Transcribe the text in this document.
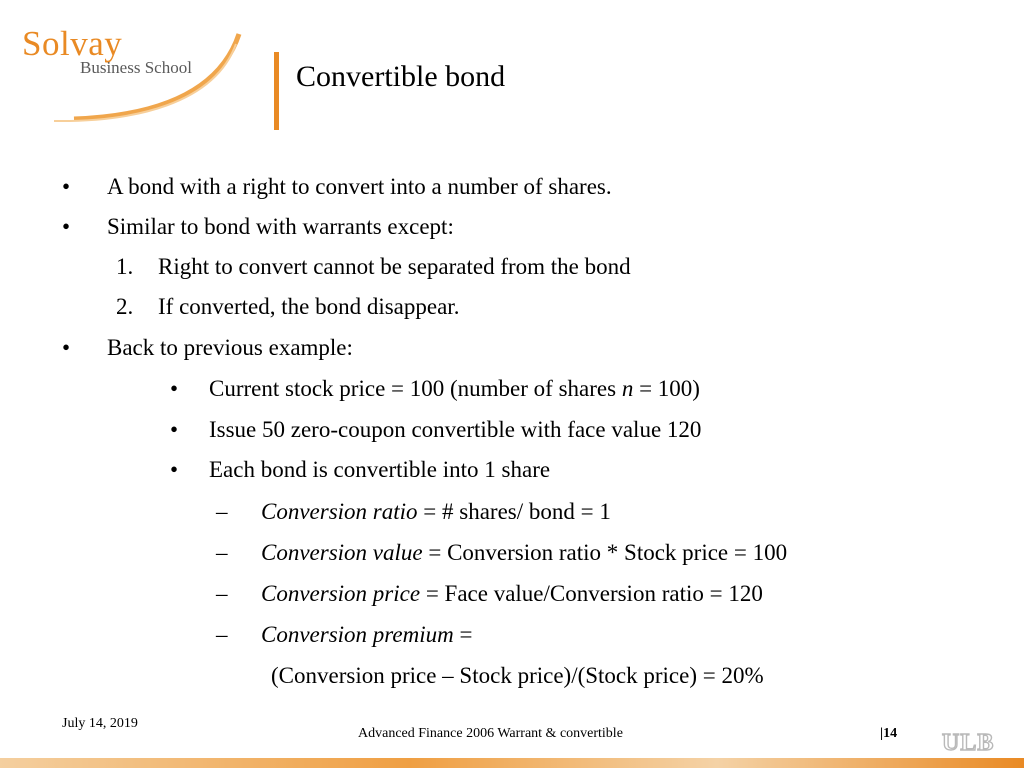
Solvay
Business School	Convertible bond
• A bond with a right to convert into a number of shares.
• Similar to bond with warrants except:
1. Right to convert cannot be separated from the bond
2. If converted, the bond disappear.
• Back to previous example:
• Current stock price = 100 (number of shares n = 100)
• Issue 50 zero-coupon convertible with face value 120
• Each bond is convertible into 1 share
– Conversion ratio = # shares/ bond = 1
– Conversion value = Conversion ratio * Stock price = 100
– Conversion price = Face value/Conversion ratio = 120
– Conversion premium =
(Conversion price – Stock price)/(Stock price) = 20%
July 14, 2019
Advanced Finance 2006 Warrant & convertible	|14 ULB
